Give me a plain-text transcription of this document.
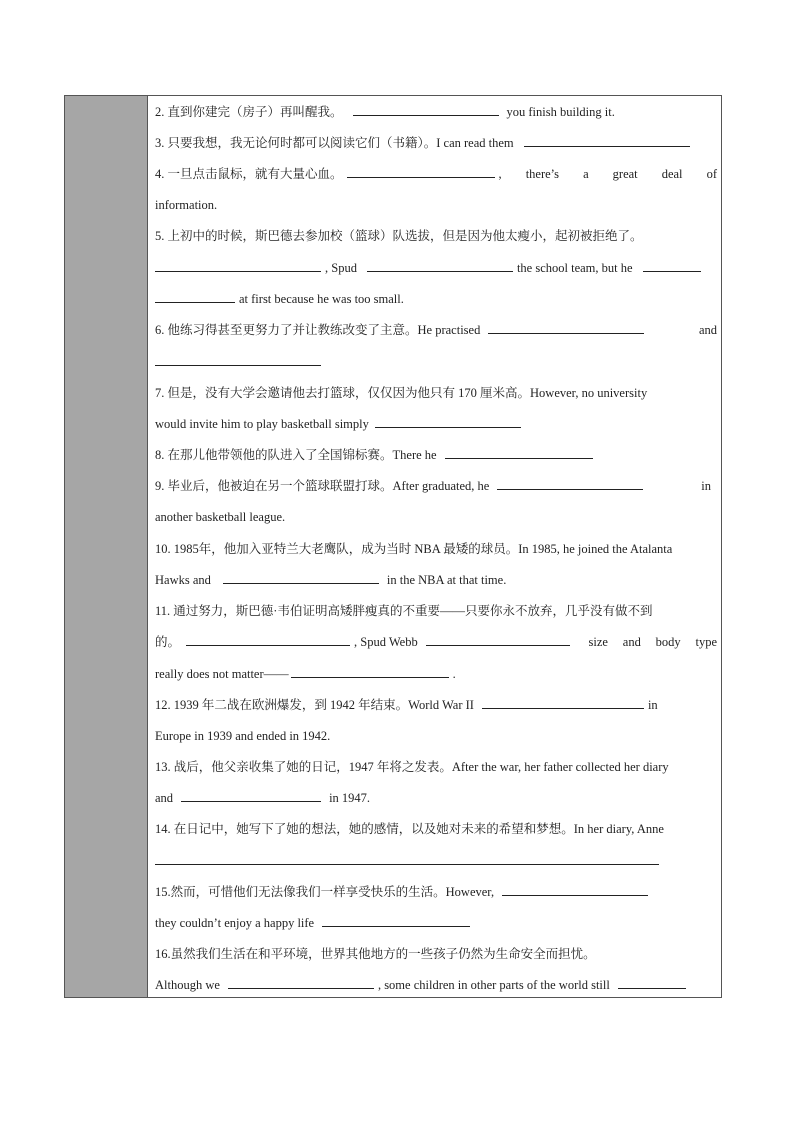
2. 直到你建完（房子）再叫醒我。	you finish building it.
3. 只要我想，我无论何时都可以阅读它们（书籍）。I can read them
4. 一旦点击鼠标，就有大量心血。	, there’s a great deal of
information.
5. 上初中的时候，斯巴德去参加校（篮球）队选拔，但是因为他太瘦小，起初被拒绝了。
, Spud	the school team, but he
at first because he was too small.
6. 他练习得甚至更努力了并让教练改变了主意。He practised	and
7. 但是，没有大学会邀请他去打篮球，仅仅因为他只有 170 厘米高。However, no university
would invite him to play basketball simply
8. 在那儿他带领他的队进入了全国锦标赛。There he
9. 毕业后，他被迫在另一个篮球联盟打球。After graduated, he	in
another basketball league.
10. 1985年，他加入亚特兰大老鹰队，成为当时 NBA 最矮的球员。In 1985, he joined the Atalanta
Hawks and	in the NBA at that time.
11. 通过努力，斯巴德·韦伯证明高矮胖瘦真的不重要——只要你永不放弃，几乎没有做不到
的。	, Spud Webb	size and body type
really does not matter——	.
12. 1939 年二战在欧洲爆发，到 1942 年结束。World War II	in
Europe in 1939 and ended in 1942.
13. 战后，他父亲收集了她的日记，1947 年将之发表。After the war, her father collected her diary
and	in 1947.
14. 在日记中，她写下了她的想法，她的感情，以及她对未来的希望和梦想。In her diary, Anne
15.然而，可惜他们无法像我们一样享受快乐的生活。However,
they couldn’t enjoy a happy life
16.虽然我们生活在和平环境，世界其他地方的一些孩子仍然为生命安全而担忧。
Although we	, some children in other parts of the world still
